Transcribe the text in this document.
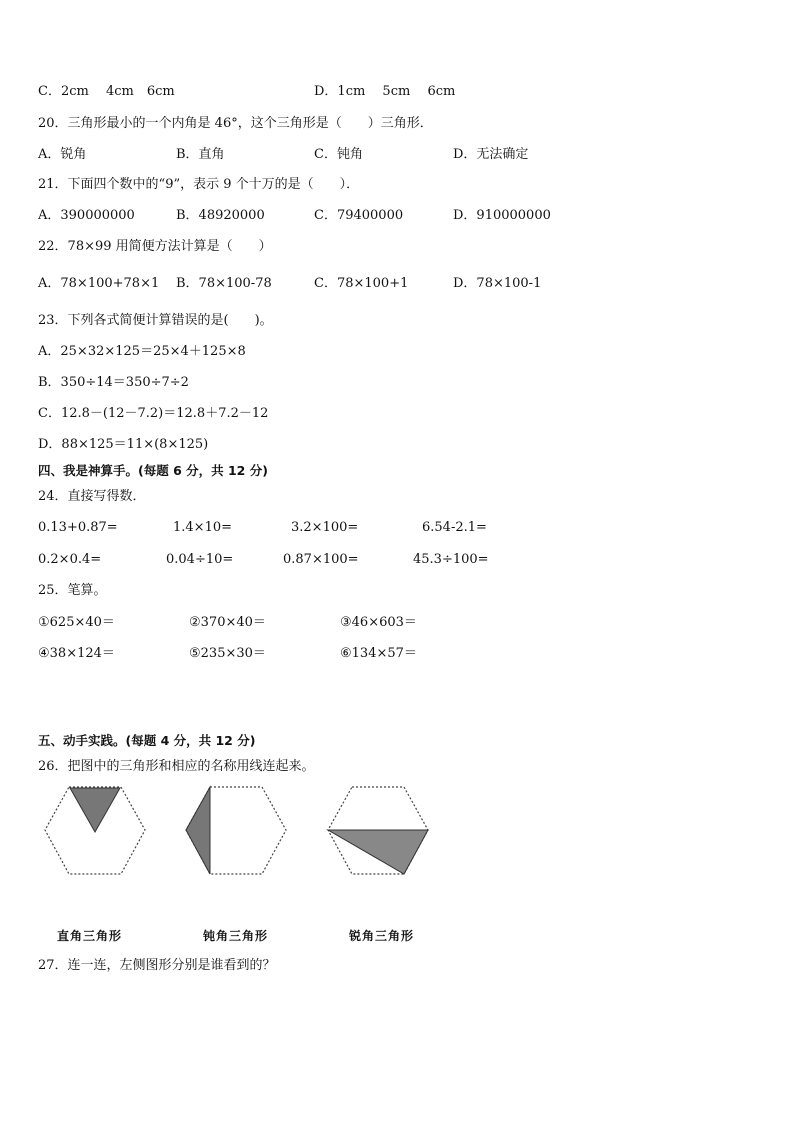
C．2cm　 4cm　6cm	D．1cm　 5cm　 6cm
20．三角形最小的一个内角是 46°，这个三角形是（　　）三角形．
A．锐角	B．直角	C．钝角	D．无法确定
21．下面四个数中的“9”，表示 9 个十万的是（　　）．
A．390000000	B．48920000	C．79400000	D．910000000
22．78×99 用简便方法计算是（　　）
A．78×100+78×1 B．78×100-78	C．78×100+1	D．78×100-1
23．下列各式简便计算错误的是(　　)。
A．25×32×125＝25×4＋125×8
B．350÷14＝350÷7÷2
C．12.8－(12－7.2)＝12.8＋7.2－12
D．88×125＝11×(8×125)
四、我是神算手。(每题 6 分，共 12 分)
24．直接写得数．
0.13+0.87=	1.4×10=	3.2×100=	6.54-2.1=
0.2×0.4=	0.04÷10=	0.87×100=	45.3÷100=
25．笔算。
①625×40＝	②370×40＝	③46×603＝
④38×124＝	⑤235×30＝	⑥134×57＝
五、动手实践。(每题 4 分，共 12 分)
26．把图中的三角形和相应的名称用线连起来。
直角三角形	钝角三角形	锐角三角形
27．连一连，左侧图形分别是谁看到的？
